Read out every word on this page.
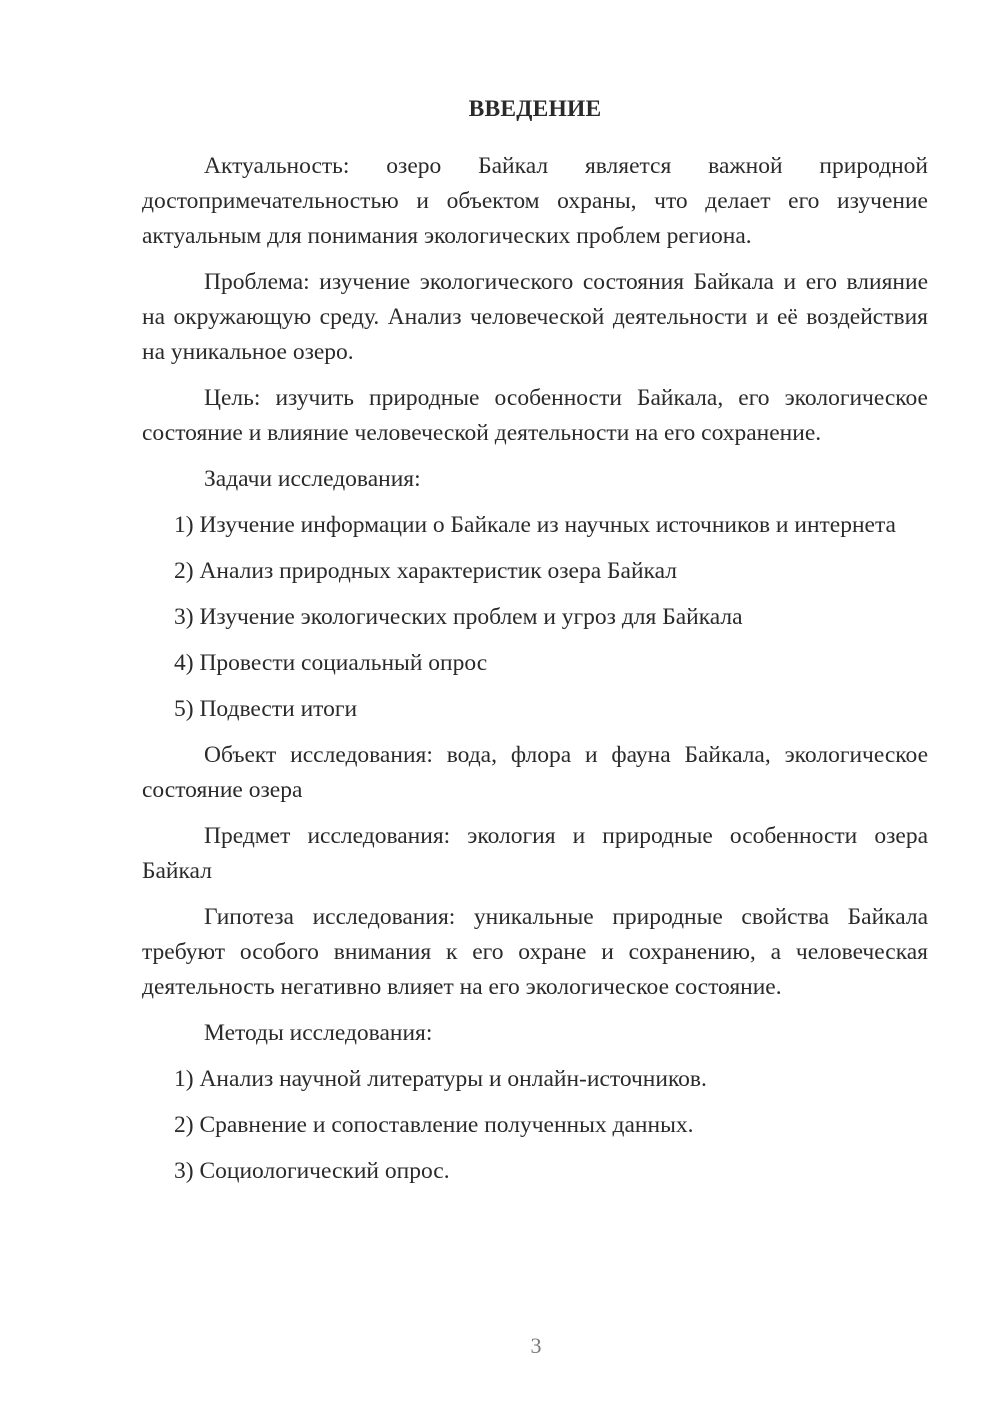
ВВЕДЕНИЕ

Актуальность: озеро Байкал является важной природной достопримечательностью и объектом охраны, что делает его изучение актуальным для понимания экологических проблем региона.

Проблема: изучение экологического состояния Байкала и его влияние на окружающую среду. Анализ человеческой деятельности и её воздействия на уникальное озеро.

Цель: изучить природные особенности Байкала, его экологическое состояние и влияние человеческой деятельности на его сохранение.

Задачи исследования:

1) Изучение информации о Байкале из научных источников и интернета

2) Анализ природных характеристик озера Байкал

3) Изучение экологических проблем и угроз для Байкала

4) Провести социальный опрос

5) Подвести итоги

Объект исследования: вода, флора и фауна Байкала, экологическое состояние озера

Предмет исследования: экология и природные особенности озера Байкал

Гипотеза исследования: уникальные природные свойства Байкала требуют особого внимания к его охране и сохранению, а человеческая деятельность негативно влияет на его экологическое состояние.

Методы исследования:

1) Анализ научной литературы и онлайн-источников.

2) Сравнение и сопоставление полученных данных.

3) Социологический опрос.

3
